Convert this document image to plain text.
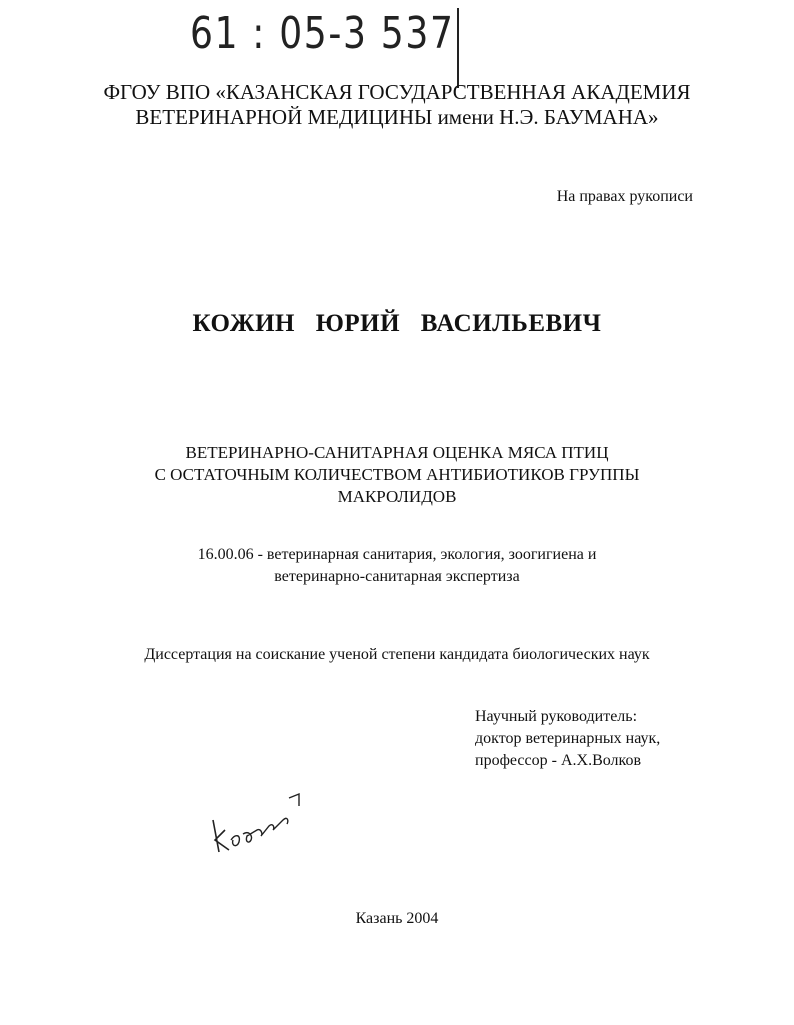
61 : 05-3 537
ФГОУ ВПО «КАЗАНСКАЯ ГОСУДАРСТВЕННАЯ АКАДЕМИЯ
ВЕТЕРИНАРНОЙ МЕДИЦИНЫ имени Н.Э. БАУМАНА»
На правах рукописи
КОЖИН ЮРИЙ ВАСИЛЬЕВИЧ
ВЕТЕРИНАРНО-САНИТАРНАЯ ОЦЕНКА МЯСА ПТИЦ
С ОСТАТОЧНЫМ КОЛИЧЕСТВОМ АНТИБИОТИКОВ ГРУППЫ
МАКРОЛИДОВ
16.00.06 - ветеринарная санитария, экология, зоогигиена и
ветеринарно-санитарная экспертиза
Диссертация на соискание ученой степени кандидата биологических наук
Научный руководитель:
доктор ветеринарных наук,
профессор - А.Х.Волков
Казань 2004
